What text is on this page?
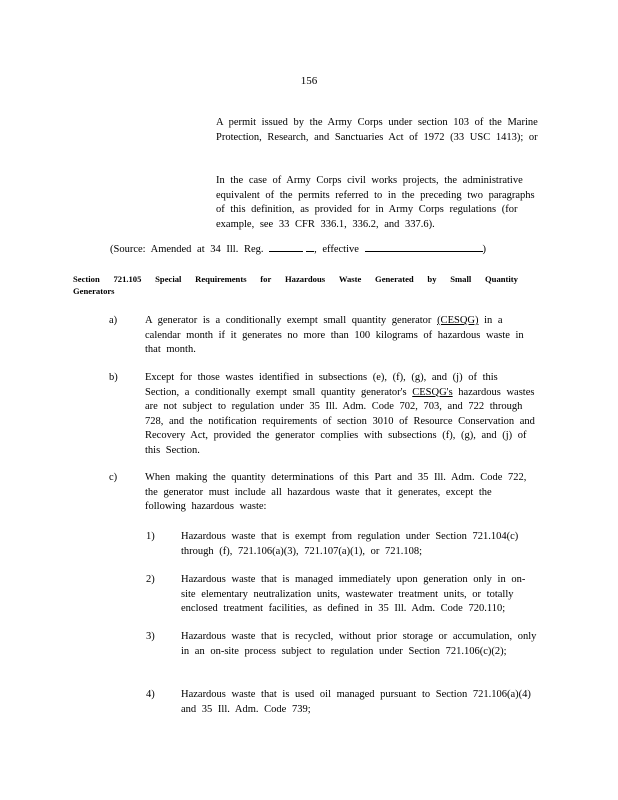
156
A permit issued by the Army Corps under section 103 of the Marine Protection, Research, and Sanctuaries Act of 1972 (33 USC 1413); or
In the case of Army Corps civil works projects, the administrative equivalent of the permits referred to in the preceding two paragraphs of this definition, as provided for in Army Corps regulations (for example, see 33 CFR 336.1, 336.2, and 337.6).
(Source: Amended at 34 Ill. Reg.	, effective	)
Section 721.105 Special Requirements for Hazardous Waste Generated by Small Quantity
Generators
a)	A generator is a conditionally exempt small quantity generator (CESQG) in a calendar month if it generates no more than 100 kilograms of hazardous waste in that month.
b)	Except for those wastes identified in subsections (e), (f), (g), and (j) of this Section, a conditionally exempt small quantity generator's CESQG's hazardous wastes are not subject to regulation under 35 Ill. Adm. Code 702, 703, and 722 through 728, and the notification requirements of section 3010 of Resource Conservation and Recovery Act, provided the generator complies with subsections (f), (g), and (j) of this Section.
c)	When making the quantity determinations of this Part and 35 Ill. Adm. Code 722, the generator must include all hazardous waste that it generates, except the following hazardous waste:
1)	Hazardous waste that is exempt from regulation under Section 721.104(c) through (f), 721.106(a)(3), 721.107(a)(1), or 721.108;
2)	Hazardous waste that is managed immediately upon generation only in on-site elementary neutralization units, wastewater treatment units, or totally enclosed treatment facilities, as defined in 35 Ill. Adm. Code 720.110;
3)	Hazardous waste that is recycled, without prior storage or accumulation, only in an on-site process subject to regulation under Section 721.106(c)(2);
4)	Hazardous waste that is used oil managed pursuant to Section 721.106(a)(4) and 35 Ill. Adm. Code 739;
